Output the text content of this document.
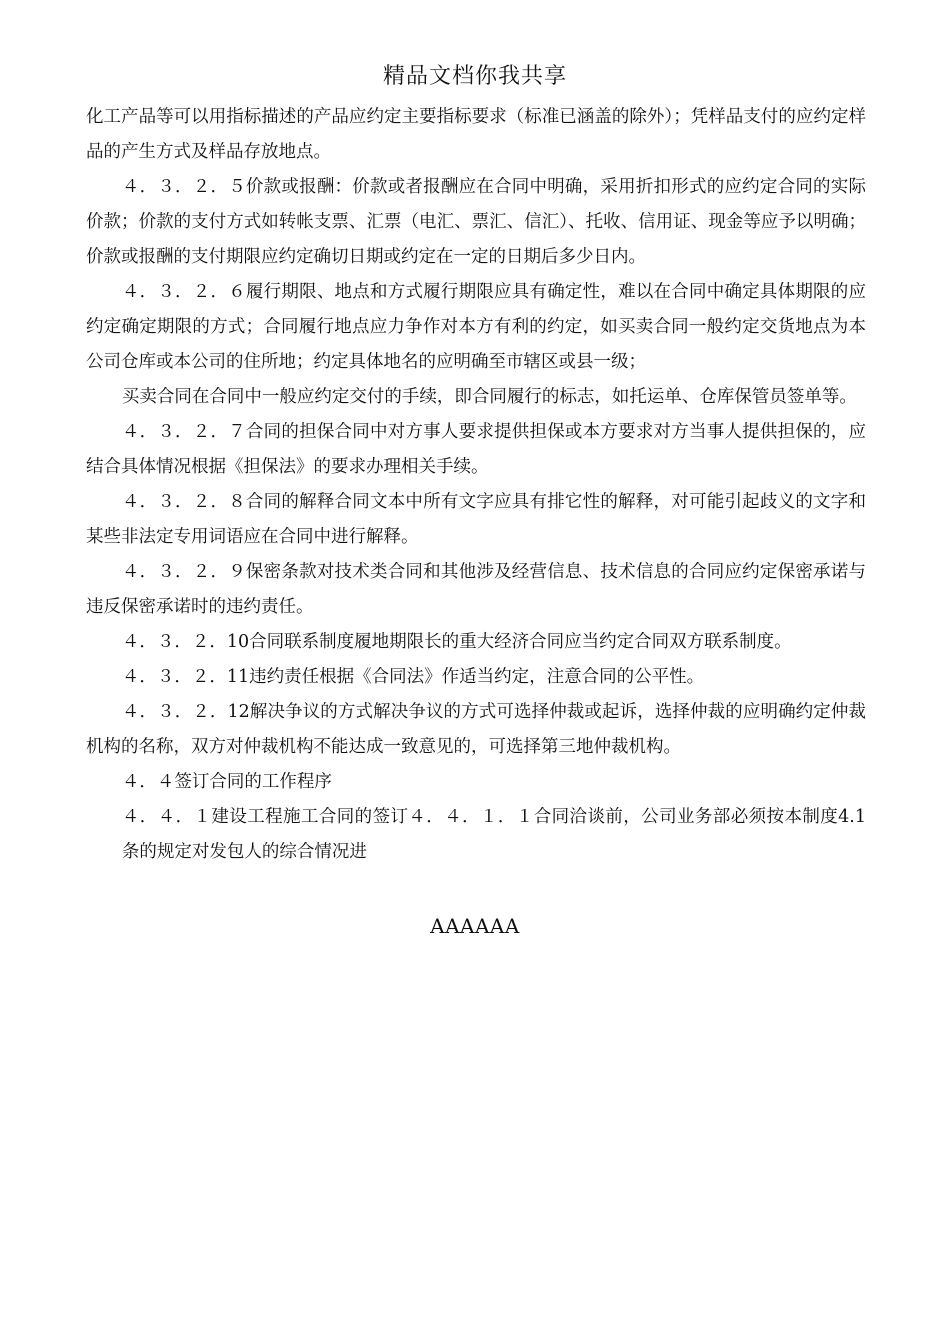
精品文档你我共享

化工产品等可以用指标描述的产品应约定主要指标要求（标准已涵盖的除外）；凭样品支付的应约定样品的产生方式及样品存放地点。

４．３．２．５价款或报酬：价款或者报酬应在合同中明确，采用折扣形式的应约定合同的实际价款；价款的支付方式如转帐支票、汇票（电汇、票汇、信汇）、托收、信用证、现金等应予以明确；价款或报酬的支付期限应约定确切日期或约定在一定的日期后多少日内。

４．３．２．６履行期限、地点和方式履行期限应具有确定性，难以在合同中确定具体期限的应约定确定期限的方式；合同履行地点应力争作对本方有利的约定，如买卖合同一般约定交货地点为本公司仓库或本公司的住所地；约定具体地名的应明确至市辖区或县一级；

买卖合同在合同中一般应约定交付的手续，即合同履行的标志，如托运单、仓库保管员签单等。

４．３．２．７合同的担保合同中对方事人要求提供担保或本方要求对方当事人提供担保的，应结合具体情况根据《担保法》的要求办理相关手续。

４．３．２．８合同的解释合同文本中所有文字应具有排它性的解释，对可能引起歧义的文字和某些非法定专用词语应在合同中进行解释。

４．３．２．９保密条款对技术类合同和其他涉及经营信息、技术信息的合同应约定保密承诺与违反保密承诺时的违约责任。

４．３．２．10合同联系制度履地期限长的重大经济合同应当约定合同双方联系制度。

４．３．２．11违约责任根据《合同法》作适当约定，注意合同的公平性。

４．３．２．12解决争议的方式解决争议的方式可选择仲裁或起诉，选择仲裁的应明确约定仲裁机构的名称，双方对仲裁机构不能达成一致意见的，可选择第三地仲裁机构。

４．４签订合同的工作程序

４．４．１建设工程施工合同的签订４．４．１．１合同洽谈前，公司业务部必须按本制度4.1条的规定对发包人的综合情况进

AAAAAA
